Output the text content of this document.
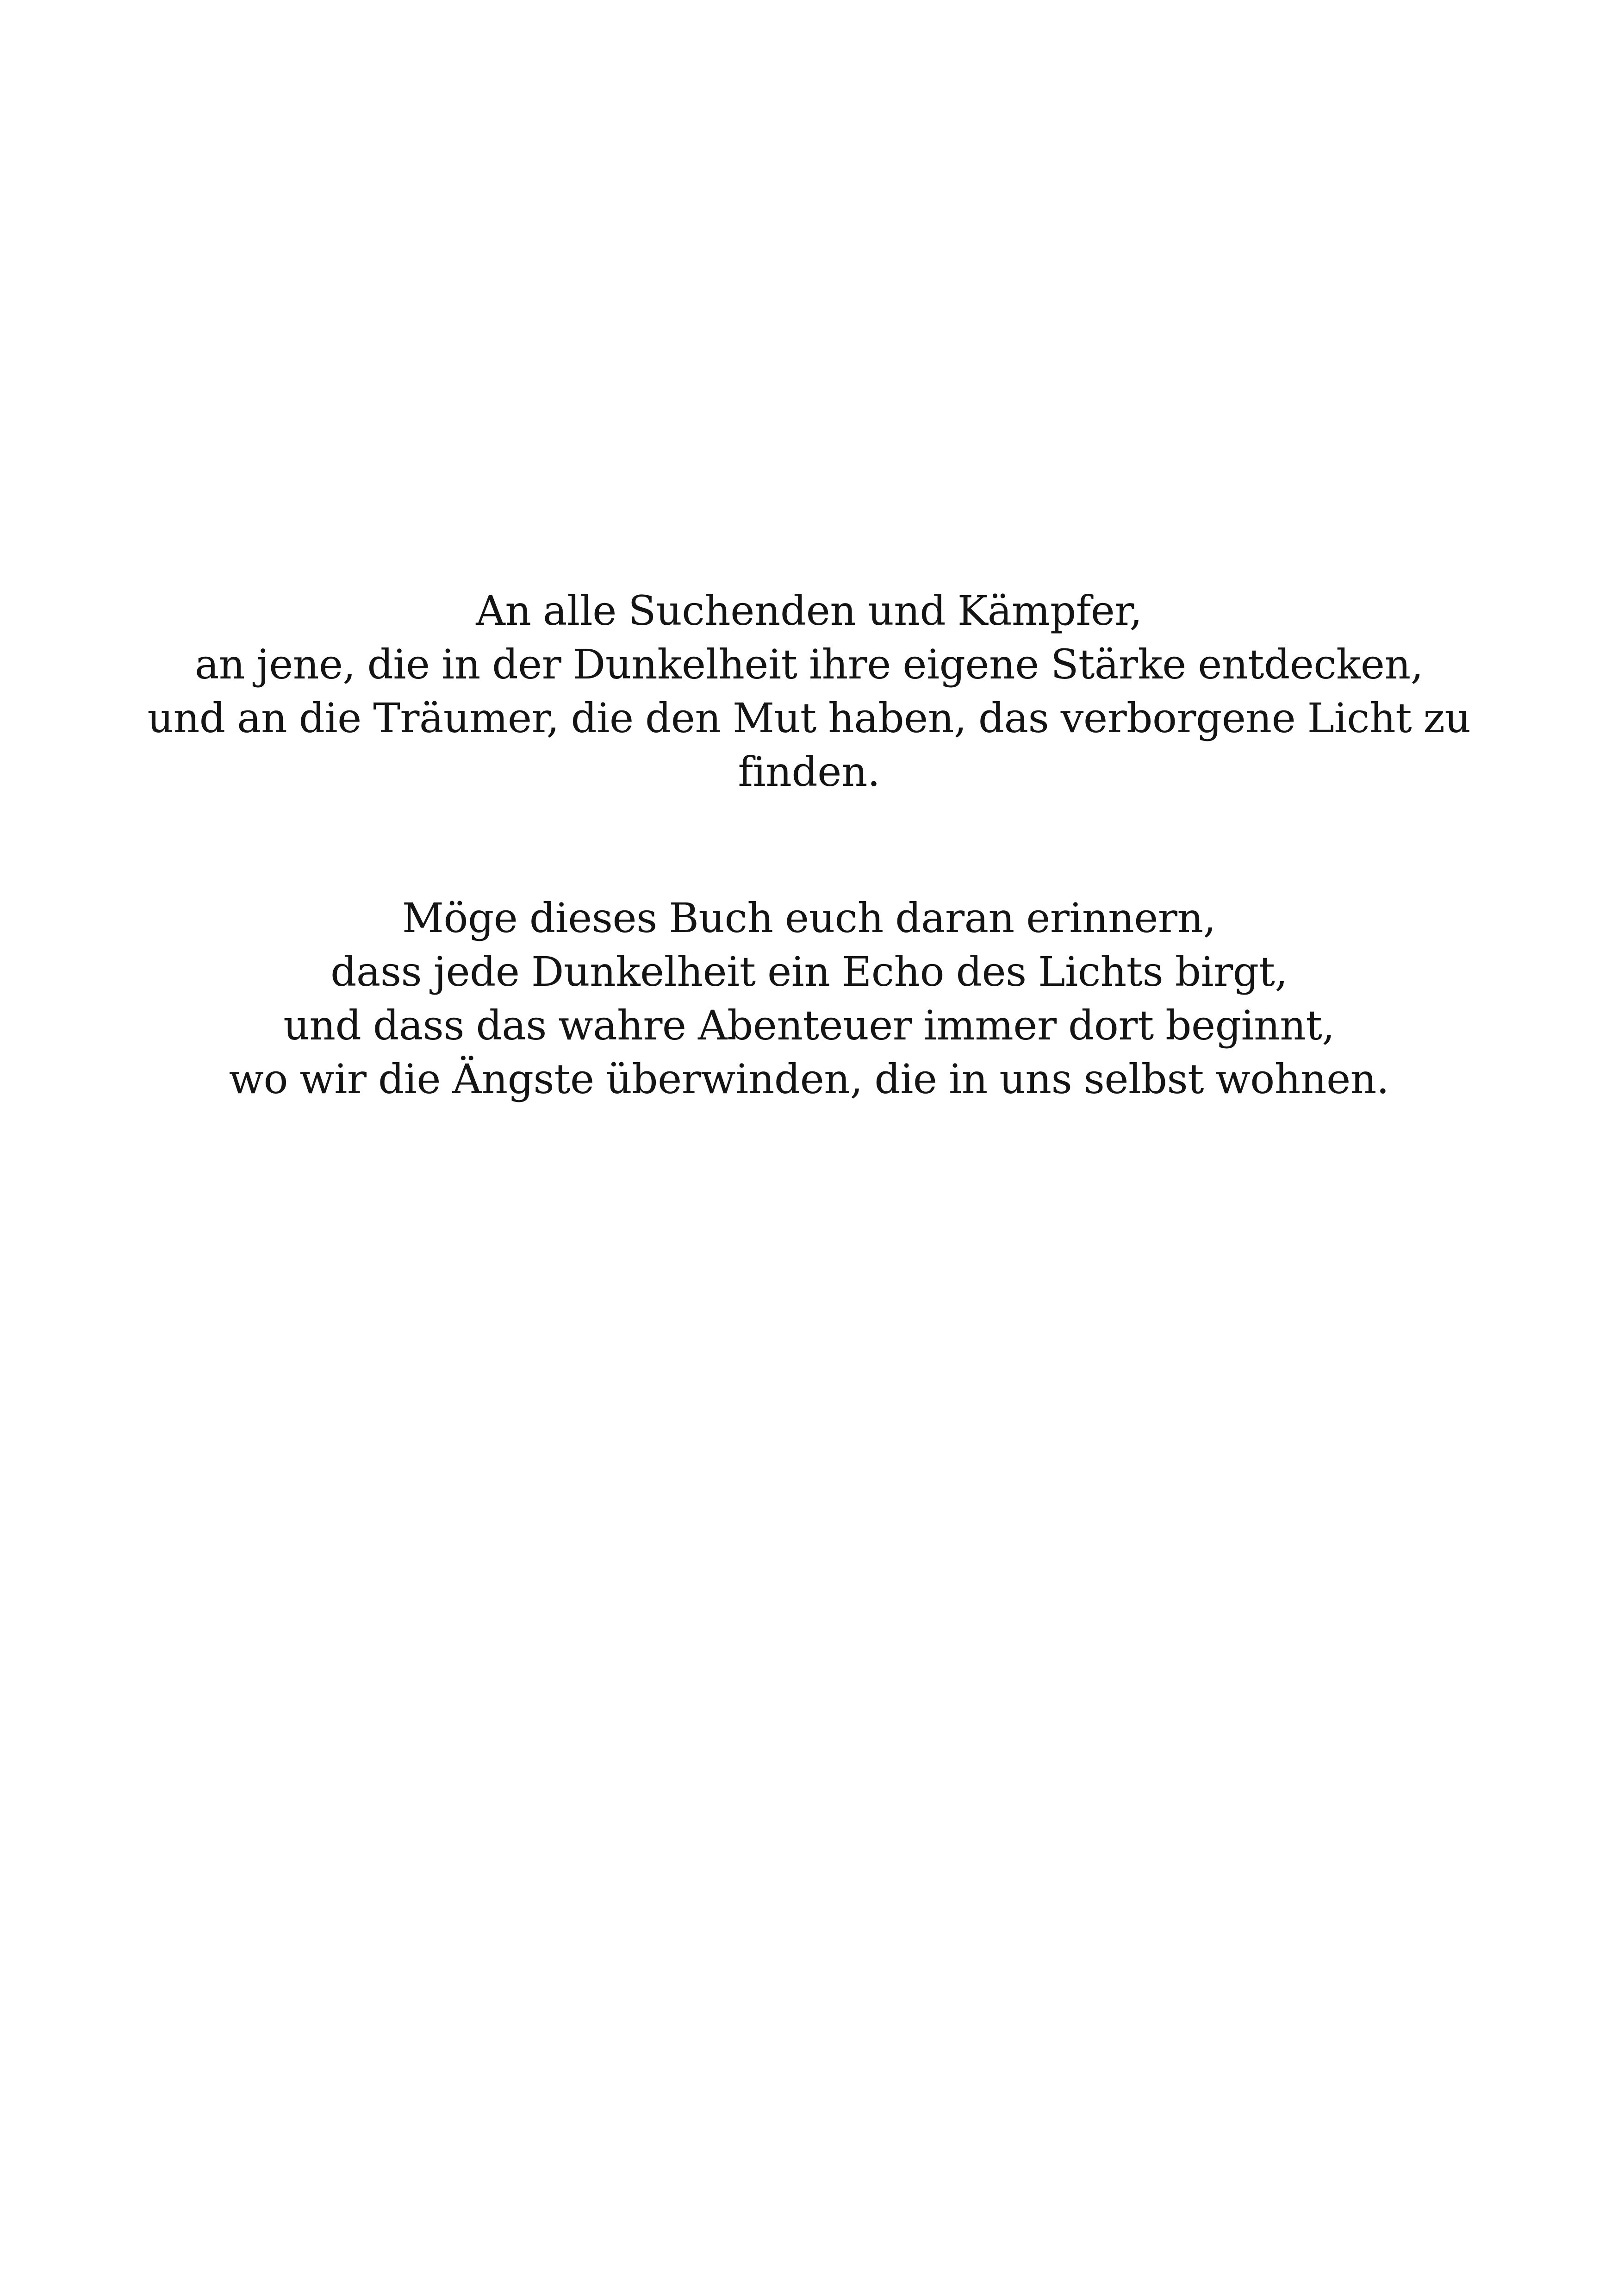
An alle Suchenden und Kämpfer,
an jene, die in der Dunkelheit ihre eigene Stärke entdecken,
und an die Träumer, die den Mut haben, das verborgene Licht zu
finden.

Möge dieses Buch euch daran erinnern,
dass jede Dunkelheit ein Echo des Lichts birgt,
und dass das wahre Abenteuer immer dort beginnt,
wo wir die Ängste überwinden, die in uns selbst wohnen.
